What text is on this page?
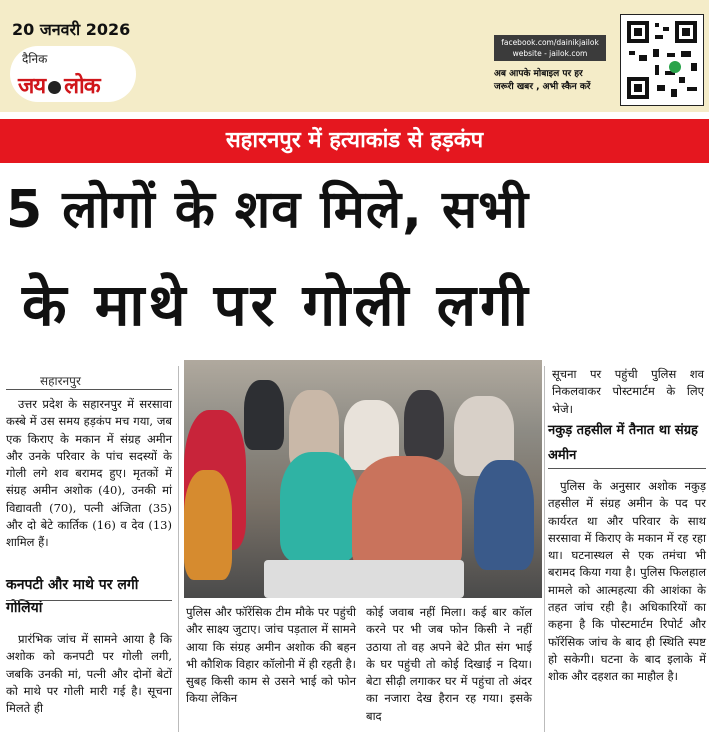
20 जनवरी 2026
दैनिक
जय लोक
facebook.com/dainikjailok
website - jailok.com
अब आपके मोबाइल पर हर
जरूरी खबर , अभी स्कैन करें
सहारनपुर में हत्याकांड से हड़कंप
5 लोगों के शव मिले, सभी
के माथे पर गोली लगी
सहारनपुर

उत्तर प्रदेश के सहारनपुर में सरसावा कस्बे में उस समय हड़कंप मच गया, जब एक किराए के मकान में संग्रह अमीन और उनके परिवार के पांच सदस्यों के गोली लगे शव बरामद हुए। मृतकों में संग्रह अमीन अशोक (40), उनकी मां विद्यावती (70), पत्नी अंजिता (35) और दो बेटे कार्तिक (16) व देव (13) शामिल हैं।

कनपटी और माथे पर लगी गोलियां

प्रारंभिक जांच में सामने आया है कि अशोक को कनपटी पर गोली लगी, जबकि उनकी मां, पत्नी और दोनों बेटों को माथे पर गोली मारी गई है। सूचना मिलते ही

पुलिस और फॉरेंसिक टीम मौके पर पहुंची और साक्ष्य जुटाए। जांच पड़ताल में सामने आया कि संग्रह अमीन अशोक की बहन भी कौशिक विहार कॉलोनी में ही रहती है। सुबह किसी काम से उसने भाई को फोन किया लेकिन

कोई जवाब नहीं मिला। कई बार कॉल करने पर भी जब फोन किसी ने नहीं उठाया तो वह अपने बेटे प्रीत संग भाई के घर पहुंची तो कोई दिखाई न दिया। बेटा सीढ़ी लगाकर घर में पहुंचा तो अंदर का नजारा देख हैरान रह गया। इसके बाद

सूचना पर पहुंची पुलिस शव निकलवाकर पोस्टमार्टम के लिए भेजे।

नकुड़ तहसील में तैनात था संग्रह अमीन

पुलिस के अनुसार अशोक नकुड़ तहसील में संग्रह अमीन के पद पर कार्यरत था और परिवार के साथ सरसावा में किराए के मकान में रह रहा था। घटनास्थल से एक तमंचा भी बरामद किया गया है। पुलिस फिलहाल मामले को आत्महत्या की आशंका के तहत जांच रही है। अधिकारियों का कहना है कि पोस्टमार्टम रिपोर्ट और फॉरेंसिक जांच के बाद ही स्थिति स्पष्ट हो सकेगी। घटना के बाद इलाके में शोक और दहशत का माहौल है।
